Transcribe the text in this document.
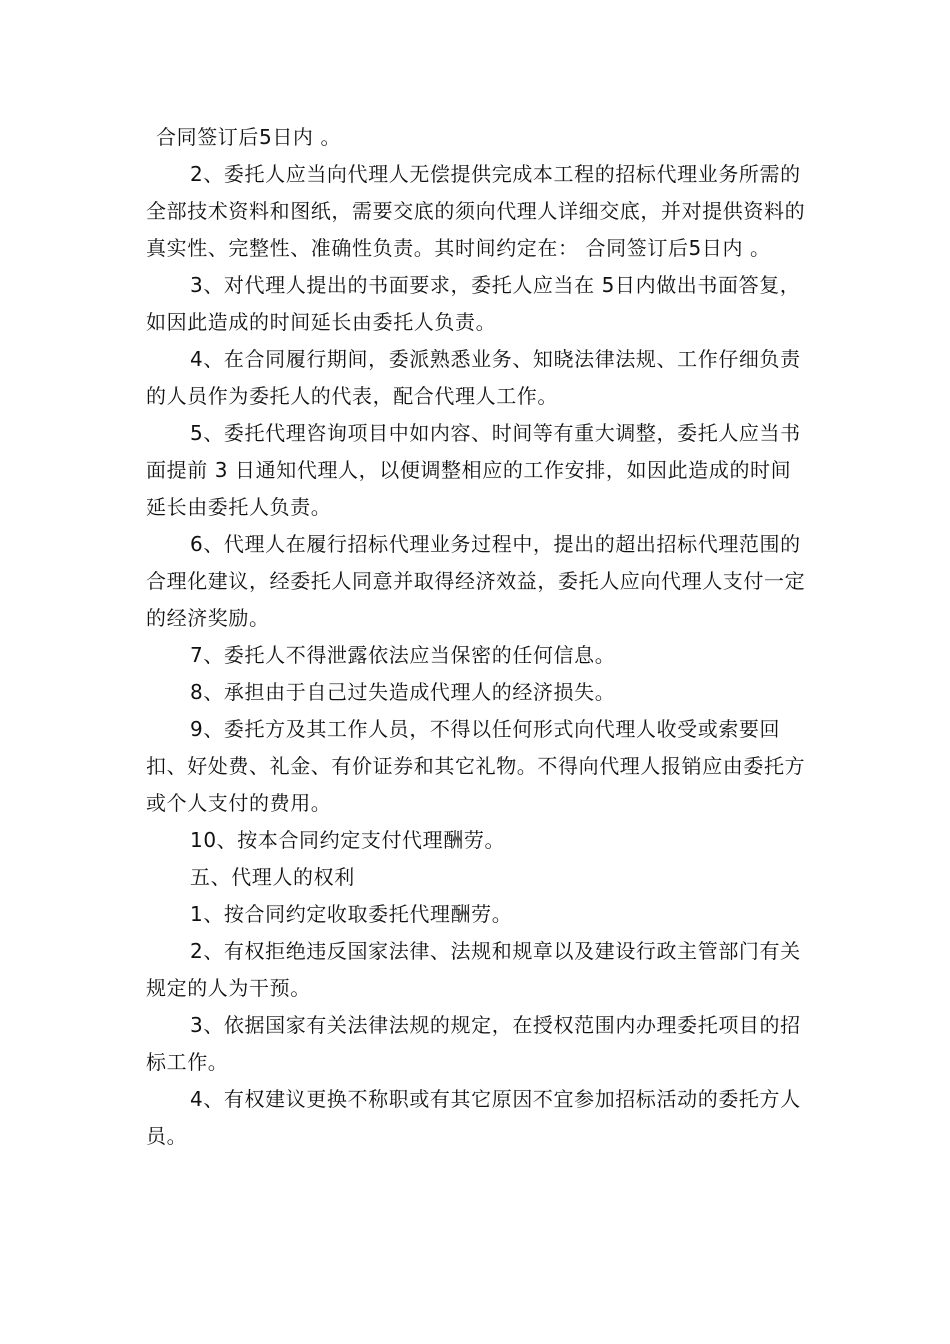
合同签订后5日内 。

2、委托人应当向代理人无偿提供完成本工程的招标代理业务所需的全部技术资料和图纸，需要交底的须向代理人详细交底，并对提供资料的真实性、完整性、准确性负责。其时间约定在： 合同签订后5日内 。

3、对代理人提出的书面要求，委托人应当在 5日内做出书面答复，如因此造成的时间延长由委托人负责。

4、在合同履行期间，委派熟悉业务、知晓法律法规、工作仔细负责的人员作为委托人的代表，配合代理人工作。

5、委托代理咨询项目中如内容、时间等有重大调整，委托人应当书面提前 3 日通知代理人，以便调整相应的工作安排，如因此造成的时间延长由委托人负责。

6、代理人在履行招标代理业务过程中，提出的超出招标代理范围的合理化建议，经委托人同意并取得经济效益，委托人应向代理人支付一定的经济奖励。

7、委托人不得泄露依法应当保密的任何信息。

8、承担由于自己过失造成代理人的经济损失。

9、委托方及其工作人员，不得以任何形式向代理人收受或索要回扣、好处费、礼金、有价证券和其它礼物。不得向代理人报销应由委托方或个人支付的费用。

10、按本合同约定支付代理酬劳。

五、代理人的权利

1、按合同约定收取委托代理酬劳。

2、有权拒绝违反国家法律、法规和规章以及建设行政主管部门有关规定的人为干预。

3、依据国家有关法律法规的规定，在授权范围内办理委托项目的招标工作。

4、有权建议更换不称职或有其它原因不宜参加招标活动的委托方人员。
